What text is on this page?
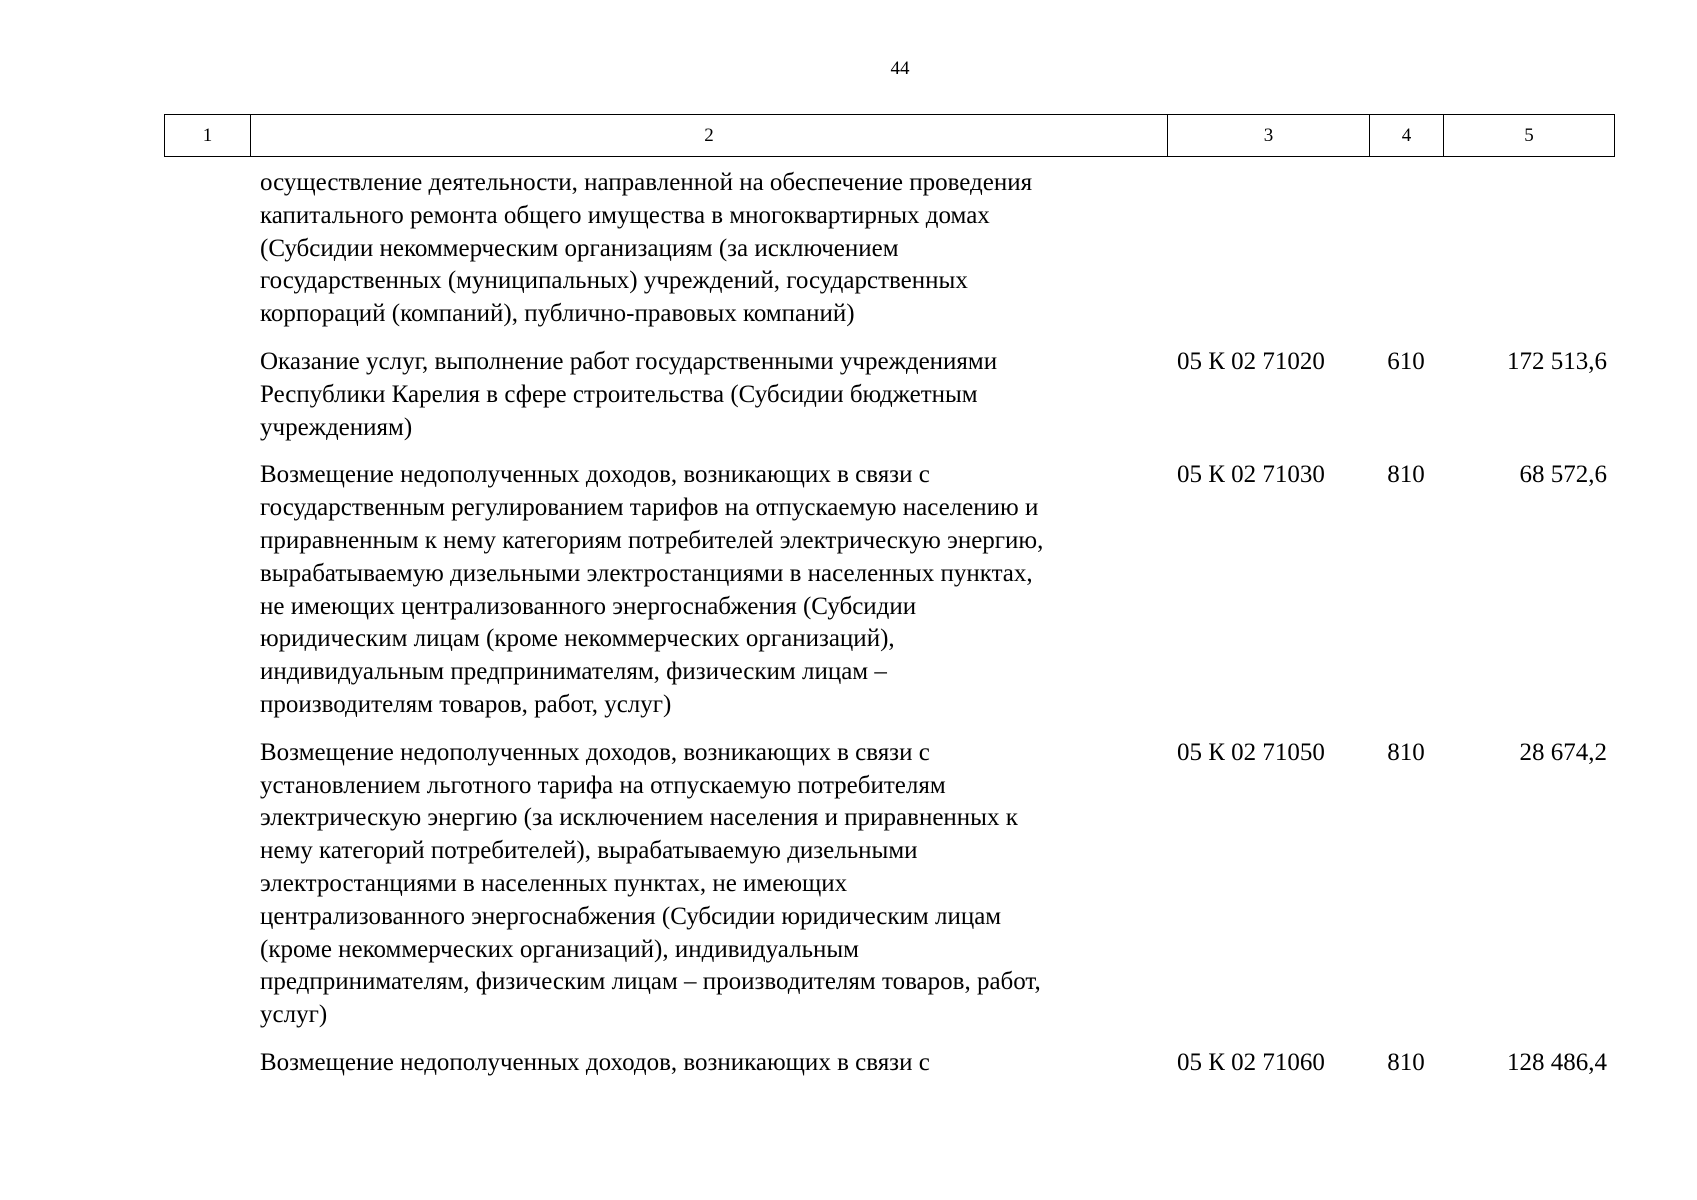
44
1	2	3	4	5
осуществление деятельности, направленной на обеспечение проведения
капитального ремонта общего имущества в многоквартирных домах
(Субсидии некоммерческим организациям (за исключением
государственных (муниципальных) учреждений, государственных
корпораций (компаний), публично-правовых компаний)
Оказание услуг, выполнение работ государственными учреждениями
Республики Карелия в сфере строительства (Субсидии бюджетным
учреждениям)
05 К 02 71020	610	172 513,6
Возмещение недополученных доходов, возникающих в связи с
государственным регулированием тарифов на отпускаемую населению и
приравненным к нему категориям потребителей электрическую энергию,
вырабатываемую дизельными электростанциями в населенных пунктах,
не имеющих централизованного энергоснабжения (Субсидии
юридическим лицам (кроме некоммерческих организаций),
индивидуальным предпринимателям, физическим лицам –
производителям товаров, работ, услуг)
05 К 02 71030	810	68 572,6
Возмещение недополученных доходов, возникающих в связи с
установлением льготного тарифа на отпускаемую потребителям
электрическую энергию (за исключением населения и приравненных к
нему категорий потребителей), вырабатываемую дизельными
электростанциями в населенных пунктах, не имеющих
централизованного энергоснабжения (Субсидии юридическим лицам
(кроме некоммерческих организаций), индивидуальным
предпринимателям, физическим лицам – производителям товаров, работ,
услуг)
05 К 02 71050	810	28 674,2
Возмещение недополученных доходов, возникающих в связи с	05 К 02 71060	810	128 486,4
